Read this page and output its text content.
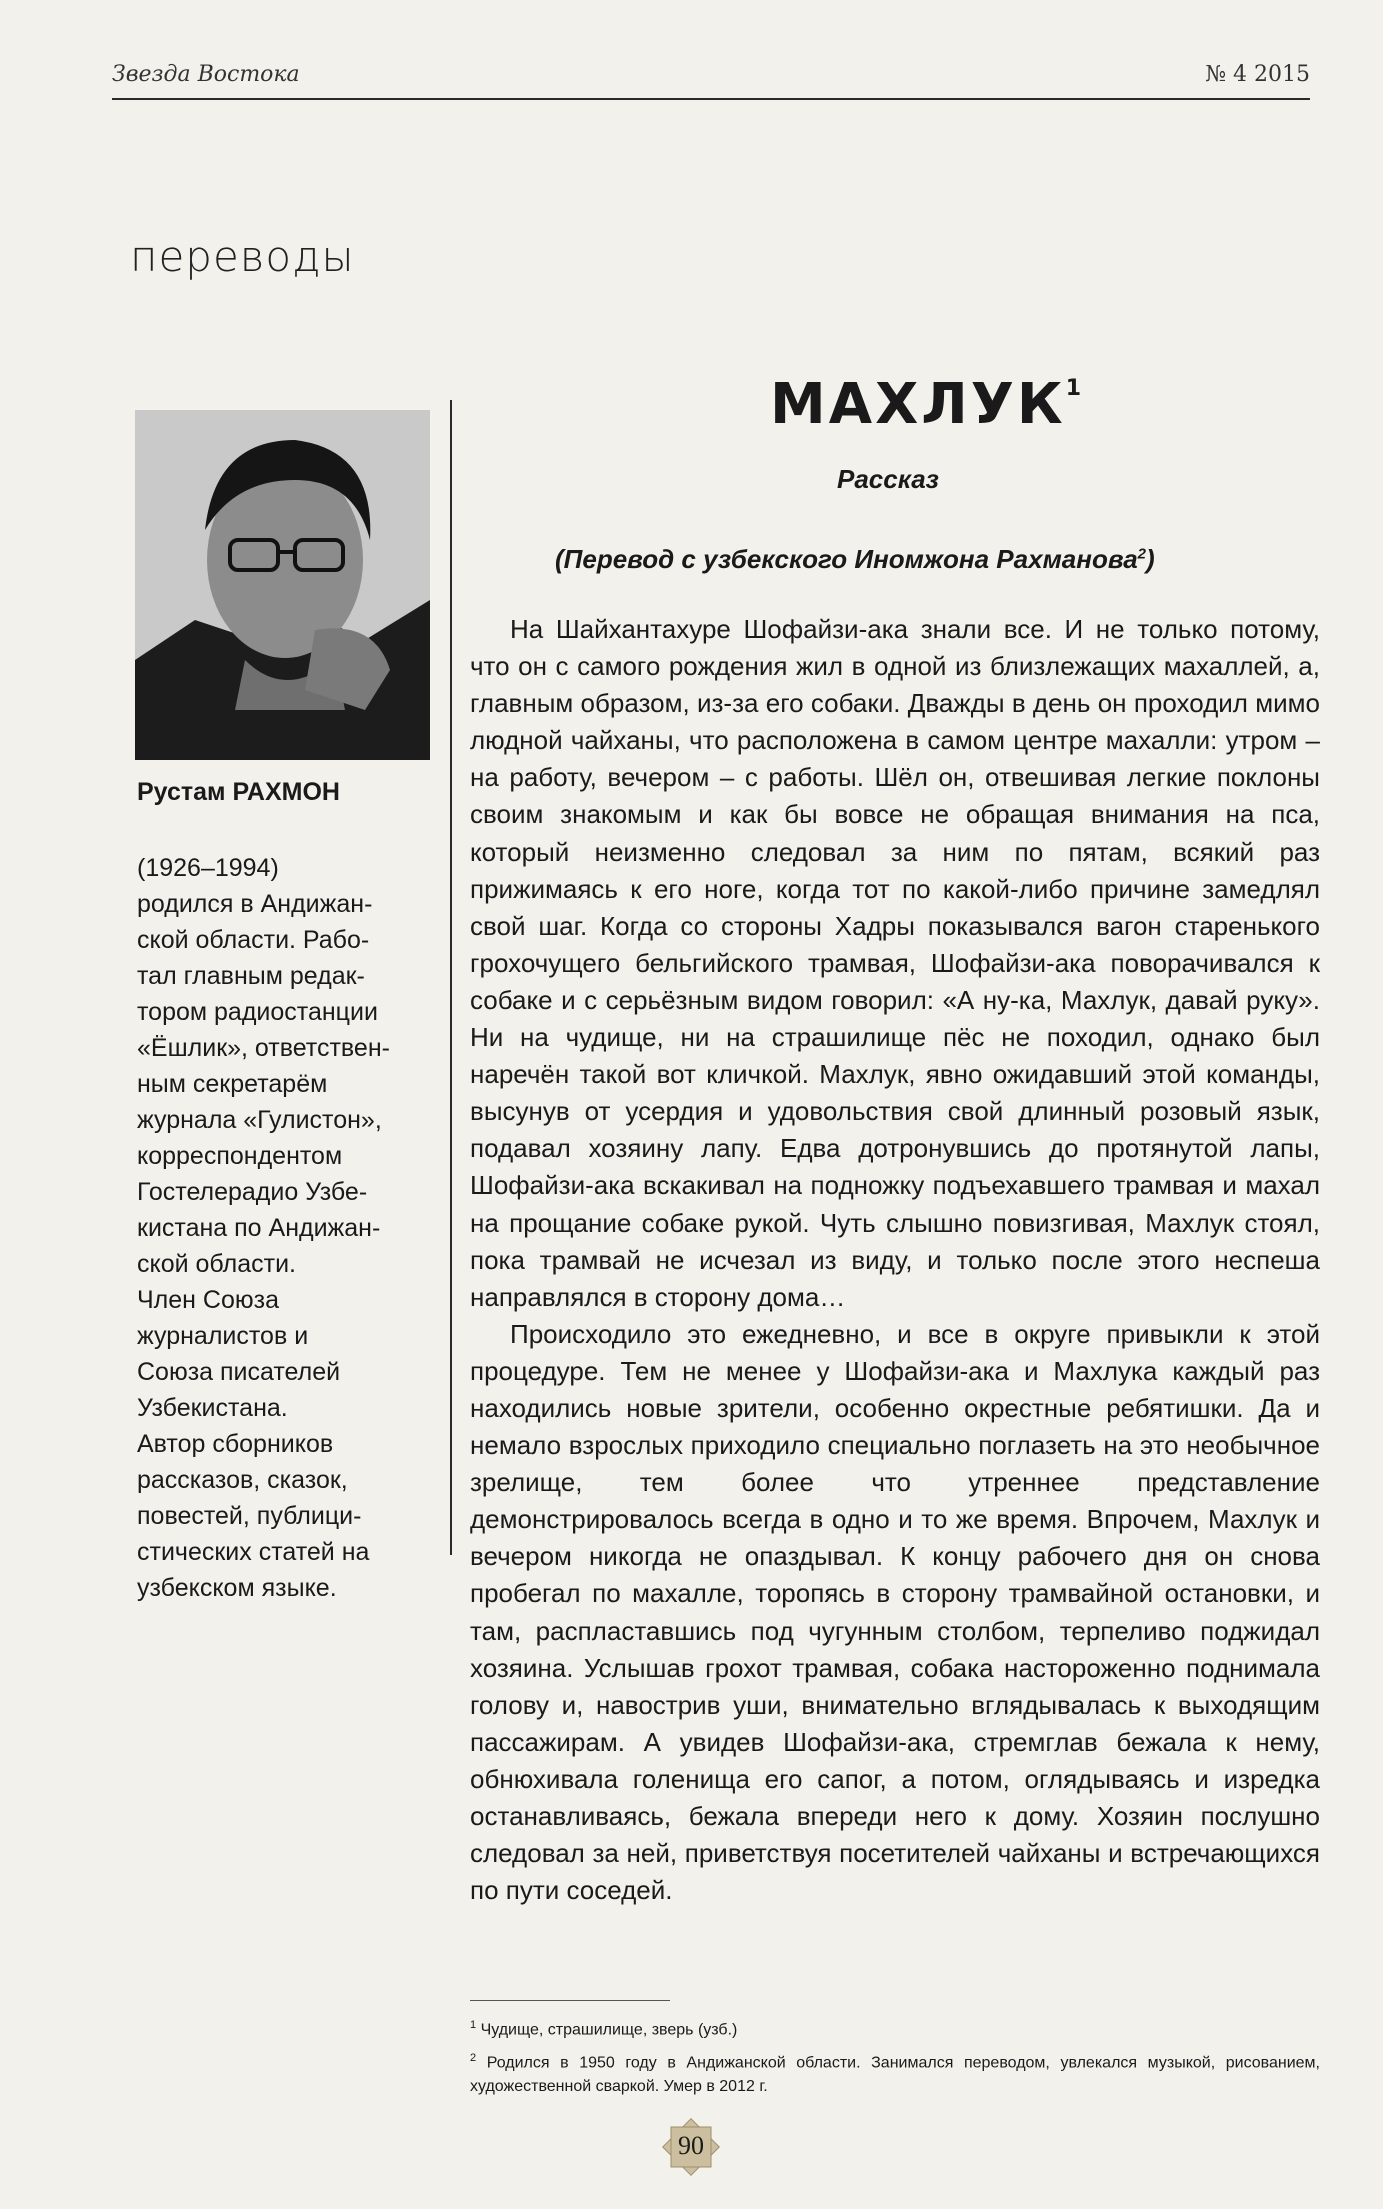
Звезда Востока	№ 4 2015
переводы
Рустам РАХМОН
(1926–1994)
родился в Андижан-
ской области. Рабо-
тал главным редак-
тором радиостанции
«Ёшлик», ответствен-
ным секретарём
журнала «Гулистон»,
корреспондентом
Гостелерадио Узбе-
кистана по Андижан-
ской области.
Член Союза
журналистов и
Союза писателей
Узбекистана.
Автор сборников
рассказов, сказок,
повестей, публици-
стических статей на
узбекском языке.
МАХЛУК$^1$
Рассказ
(Перевод с узбекского Иномжона Рахманова$^2$)

На Шайхантахуре Шофайзи-ака знали все. И не только потому, что он с самого рождения жил в одной из близлежащих махаллей, а, главным образом, из-за его собаки. Дважды в день он проходил мимо людной чайханы, что расположена в самом центре махалли: утром – на работу, вечером – с работы. Шёл он, отвешивая легкие поклоны своим знакомым и как бы вовсе не обращая внимания на пса, который неизменно следовал за ним по пятам, всякий раз прижимаясь к его ноге, когда тот по какой-либо причине замедлял свой шаг. Когда со стороны Хадры показывался вагон старенького грохочущего бельгийского трамвая, Шофайзи-ака поворачивался к собаке и с серьёзным видом говорил: «А ну-ка, Махлук, давай руку». Ни на чудище, ни на страшилище пёс не походил, однако был наречён такой вот кличкой. Махлук, явно ожидавший этой команды, высунув от усердия и удовольствия свой длинный розовый язык, подавал хозяину лапу. Едва дотронувшись до протянутой лапы, Шофайзи-ака вскакивал на подножку подъехавшего трамвая и махал на прощание собаке рукой. Чуть слышно повизгивая, Махлук стоял, пока трамвай не исчезал из виду, и только после этого неспеша направлялся в сторону дома…

Происходило это ежедневно, и все в округе привыкли к этой процедуре. Тем не менее у Шофайзи-ака и Махлука каждый раз находились новые зрители, особенно окрестные ребятишки. Да и немало взрослых приходило специально поглазеть на это необычное зрелище, тем более что утреннее представление демонстрировалось всегда в одно и то же время. Впрочем, Махлук и вечером никогда не опаздывал. К концу рабочего дня он снова пробегал по махалле, торопясь в сторону трамвайной остановки, и там, распластавшись под чугунным столбом, терпеливо поджидал хозяина. Услышав грохот трамвая, собака настороженно поднимала голову и, навострив уши, внимательно вглядывалась к выходящим пассажирам. А увидев Шофайзи-ака, стремглав бежала к нему, обнюхивала голенища его сапог, а потом, оглядываясь и изредка останавливаясь, бежала впереди него к дому. Хозяин послушно следовал за ней, приветствуя посетителей чайханы и встречающихся по пути соседей.

$^1$ Чудище, страшилище, зверь (узб.)

$^2$ Родился в 1950 году в Андижанской области. Занимался переводом, увлекался музыкой, рисованием, художественной сваркой. Умер в 2012 г.

90
